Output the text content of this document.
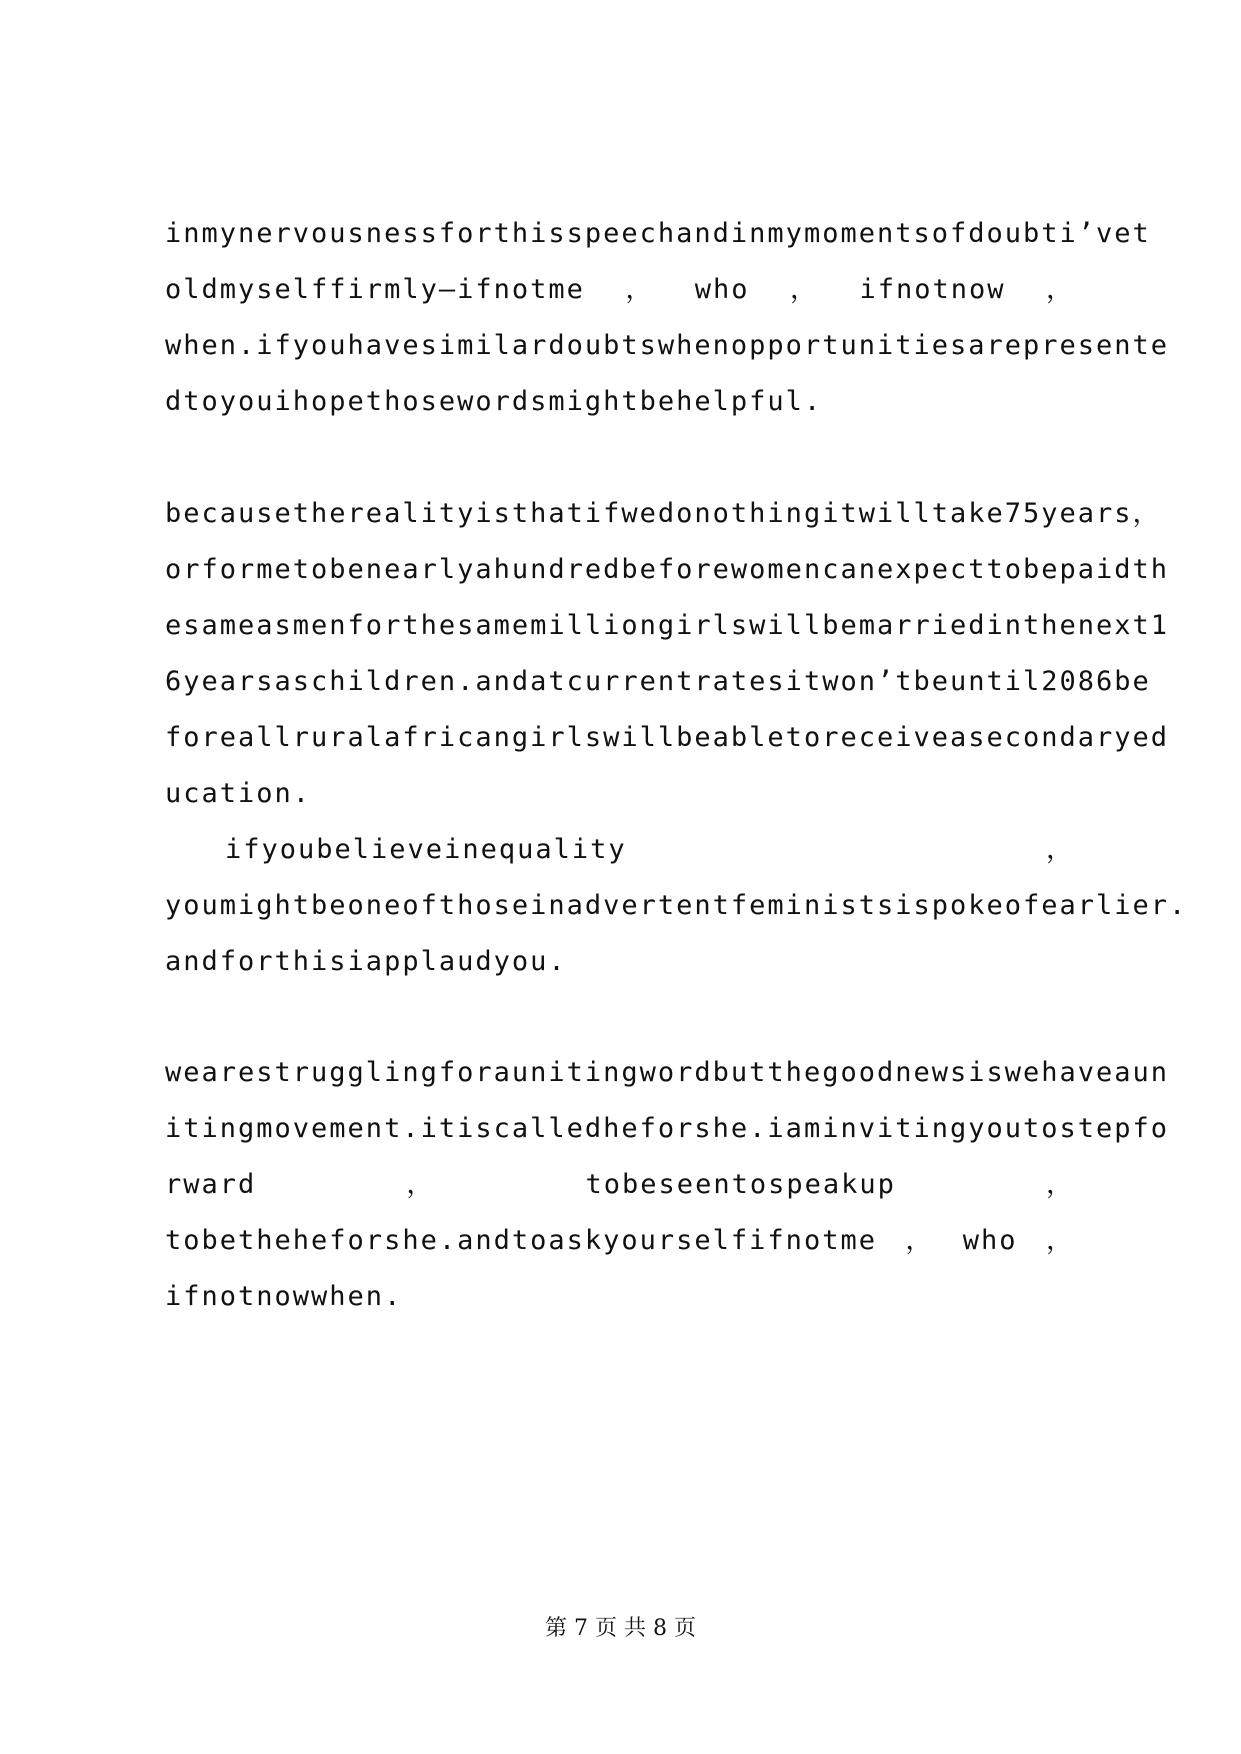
inmynervousnessforthisspeechandinmymomentsofdoubti’vet
oldmyselffirmly—ifnotme ， who ， ifnotnow ，
when.ifyouhavesimilardoubtswhenopportunitiesarepresente
dtoyouihopethosewordsmightbehelpful.
becausetherealityisthatifwedonothingitwilltake75years，
orformetobenearlyahundredbeforewomencanexpecttobepaidth
esameasmenforthesamemilliongirlswillbemarriedinthenext1
6yearsaschildren.andatcurrentratesitwon’tbeuntil2086be
foreallruralafricangirlswillbeabletoreceiveasecondaryed
ucation.
ifyoubelieveinequality	，
youmightbeoneofthoseinadvertentfeministsispokeofearlier.
andforthisiapplaudyou.
wearestrugglingforaunitingwordbutthegoodnewsiswehaveaun
itingmovement.itiscalledheforshe.iaminvitingyoutostepfo
rward	，	tobeseentospeakup	，
tobetheheforshe.andtoaskyourselfifnotme ， who ，
ifnotnowwhen.
第 7 页 共 8 页
